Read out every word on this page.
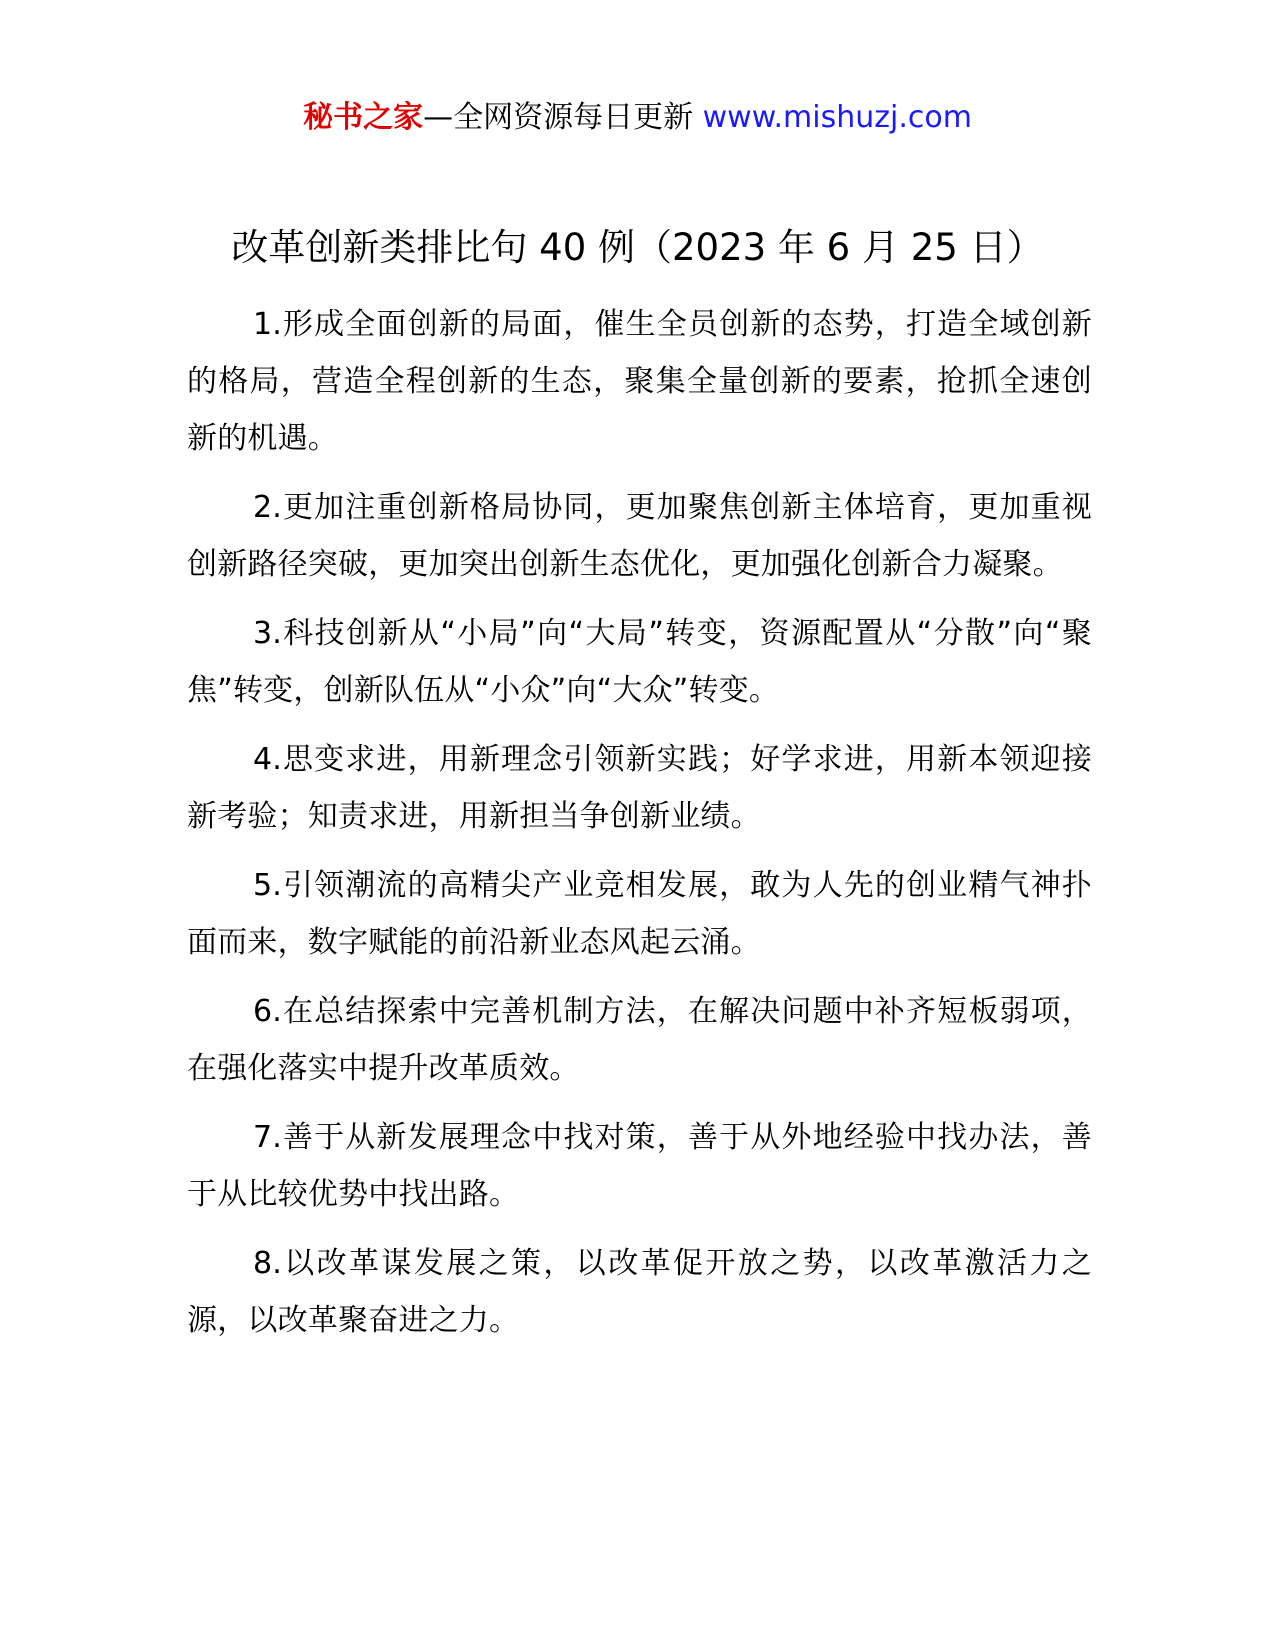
秘书之家—全网资源每日更新 www.mishuzj.com
改革创新类排比句 40 例（2023 年 6 月 25 日）

1.形成全面创新的局面，催生全员创新的态势，打造全域创新的格局，营造全程创新的生态，聚集全量创新的要素，抢抓全速创新的机遇。

2.更加注重创新格局协同，更加聚焦创新主体培育，更加重视创新路径突破，更加突出创新生态优化，更加强化创新合力凝聚。

3.科技创新从“小局”向“大局”转变，资源配置从“分散”向“聚焦”转变，创新队伍从“小众”向“大众”转变。

4.思变求进，用新理念引领新实践；好学求进，用新本领迎接新考验；知责求进，用新担当争创新业绩。

5.引领潮流的高精尖产业竞相发展，敢为人先的创业精气神扑面而来，数字赋能的前沿新业态风起云涌。

6.在总结探索中完善机制方法，在解决问题中补齐短板弱项，在强化落实中提升改革质效。

7.善于从新发展理念中找对策，善于从外地经验中找办法，善于从比较优势中找出路。

8.以改革谋发展之策，以改革促开放之势，以改革激活力之源，以改革聚奋进之力。
